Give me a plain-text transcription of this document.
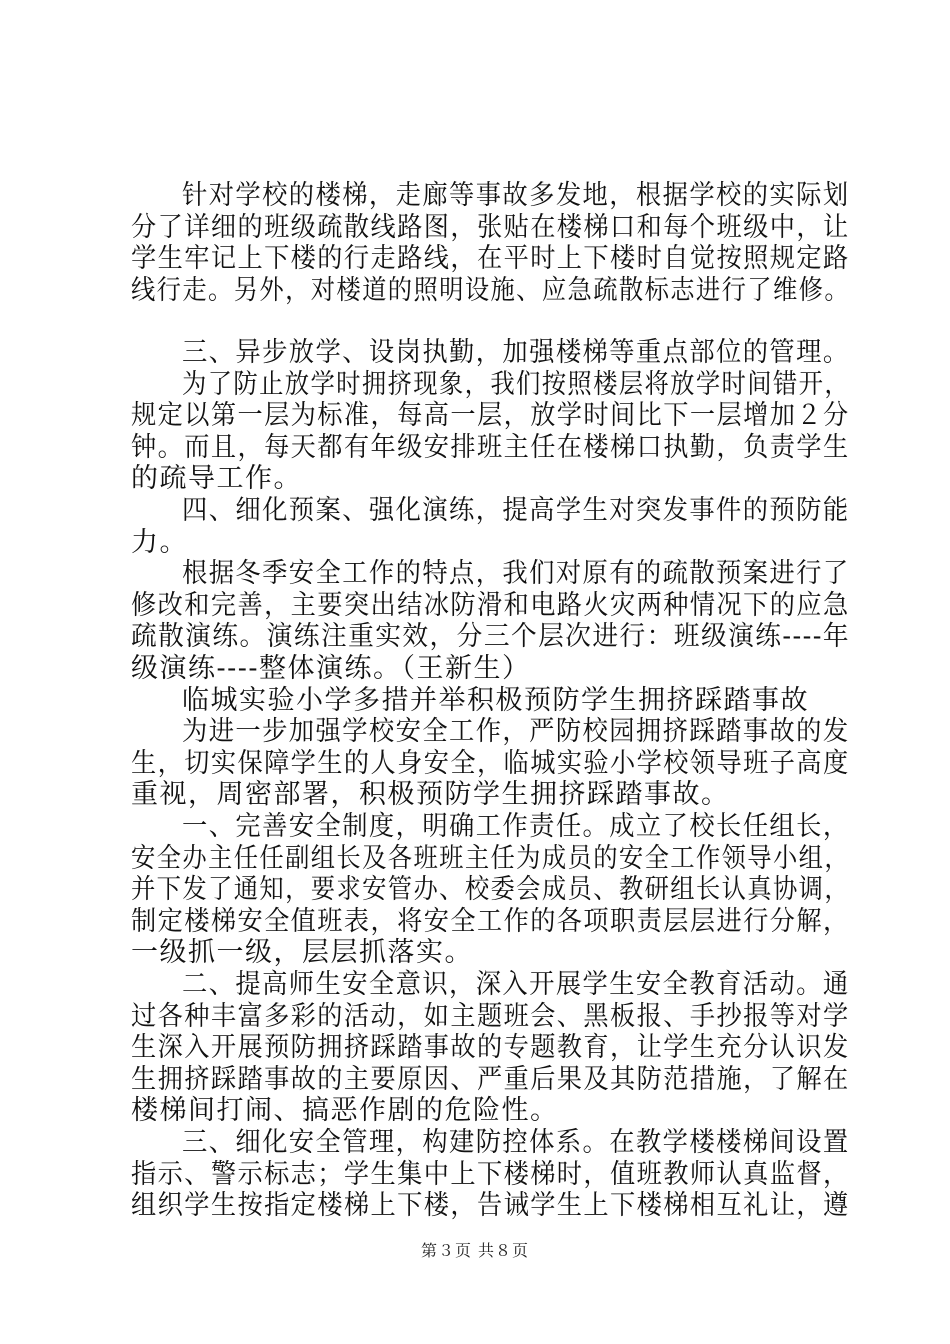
针对学校的楼梯，走廊等事故多发地，根据学校的实际划
分了详细的班级疏散线路图，张贴在楼梯口和每个班级中，让
学生牢记上下楼的行走路线，在平时上下楼时自觉按照规定路
线行走。另外，对楼道的照明设施、应急疏散标志进行了维修。
三、异步放学、设岗执勤，加强楼梯等重点部位的管理。
为了防止放学时拥挤现象，我们按照楼层将放学时间错开，
规定以第一层为标准，每高一层，放学时间比下一层增加２分
钟。而且，每天都有年级安排班主任在楼梯口执勤，负责学生
的疏导工作。
四、细化预案、强化演练，提高学生对突发事件的预防能
力。
根据冬季安全工作的特点，我们对原有的疏散预案进行了
修改和完善，主要突出结冰防滑和电路火灾两种情况下的应急
疏散演练。演练注重实效，分三个层次进行：班级演练----年
级演练----整体演练。（王新生）
临城实验小学多措并举积极预防学生拥挤踩踏事故
为进一步加强学校安全工作，严防校园拥挤踩踏事故的发
生，切实保障学生的人身安全，临城实验小学校领导班子高度
重视，周密部署，积极预防学生拥挤踩踏事故。
一、完善安全制度，明确工作责任。成立了校长任组长，
安全办主任任副组长及各班班主任为成员的安全工作领导小组，
并下发了通知，要求安管办、校委会成员、教研组长认真协调，
制定楼梯安全值班表，将安全工作的各项职责层层进行分解，
一级抓一级，层层抓落实。
二、提高师生安全意识，深入开展学生安全教育活动。通
过各种丰富多彩的活动，如主题班会、黑板报、手抄报等对学
生深入开展预防拥挤踩踏事故的专题教育，让学生充分认识发
生拥挤踩踏事故的主要原因、严重后果及其防范措施，了解在
楼梯间打闹、搞恶作剧的危险性。
三、细化安全管理，构建防控体系。在教学楼楼梯间设置
指示、警示标志；学生集中上下楼梯时，值班教师认真监督，
组织学生按指定楼梯上下楼，告诫学生上下楼梯相互礼让，遵
第３页 共８页
